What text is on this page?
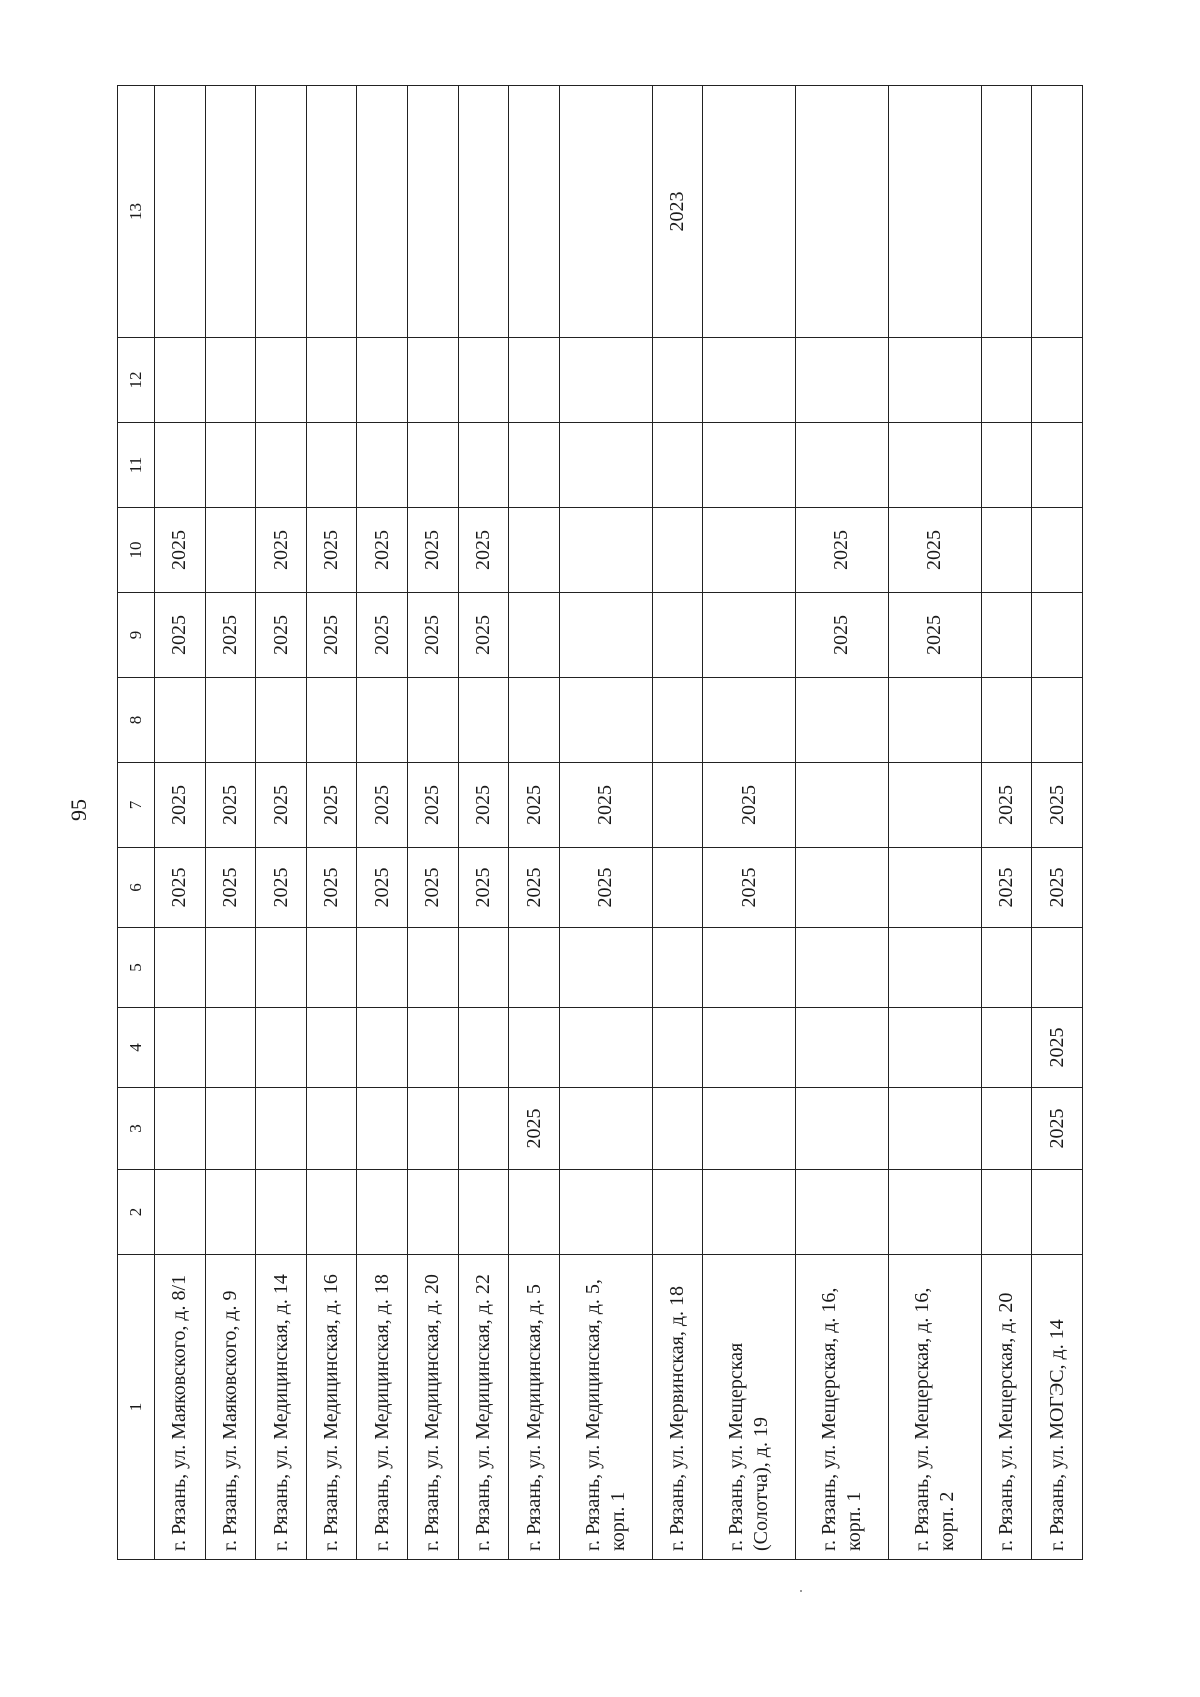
95
1	2	3	4	5	6	7	8	9	10	11	12	13
г. Рязань, ул. Маяковского, д. 8/1					2025	2025		2025	2025			
г. Рязань, ул. Маяковского, д. 9					2025	2025		2025				
г. Рязань, ул. Медицинская, д. 14					2025	2025		2025	2025			
г. Рязань, ул. Медицинская, д. 16					2025	2025		2025	2025			
г. Рязань, ул. Медицинская, д. 18					2025	2025		2025	2025			
г. Рязань, ул. Медицинская, д. 20					2025	2025		2025	2025			
г. Рязань, ул. Медицинская, д. 22					2025	2025		2025	2025			
г. Рязань, ул. Медицинская, д. 5		2025			2025	2025						
г. Рязань, ул. Медицинская, д. 5, корп. 1					2025	2025						
г. Рязань, ул. Мервинская, д. 18												2023
г. Рязань, ул. Мещерская (Солотча), д. 19					2025	2025						
г. Рязань, ул. Мещерская, д. 16, корп. 1								2025	2025			
г. Рязань, ул. Мещерская, д. 16, корп. 2								2025	2025			
г. Рязань, ул. Мещерская, д. 20					2025	2025						
г. Рязань, ул. МОГЭС, д. 14		2025	2025		2025	2025						
